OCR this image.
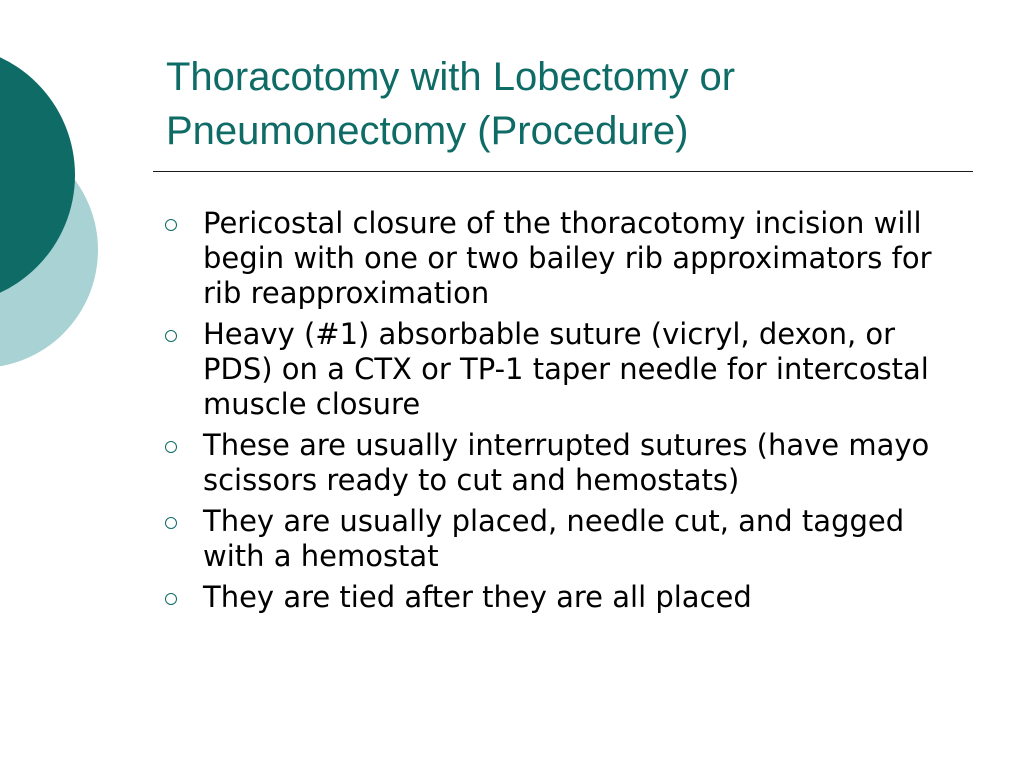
Thoracotomy with Lobectomy or Pneumonectomy (Procedure)
Pericostal closure of the thoracotomy incision will begin with one or two bailey rib approximators for rib reapproximation
Heavy (#1) absorbable suture (vicryl, dexon, or PDS) on a CTX or TP-1 taper needle for intercostal muscle closure
These are usually interrupted sutures (have mayo scissors ready to cut and hemostats)
They are usually placed, needle cut, and tagged with a hemostat
They are tied after they are all placed
